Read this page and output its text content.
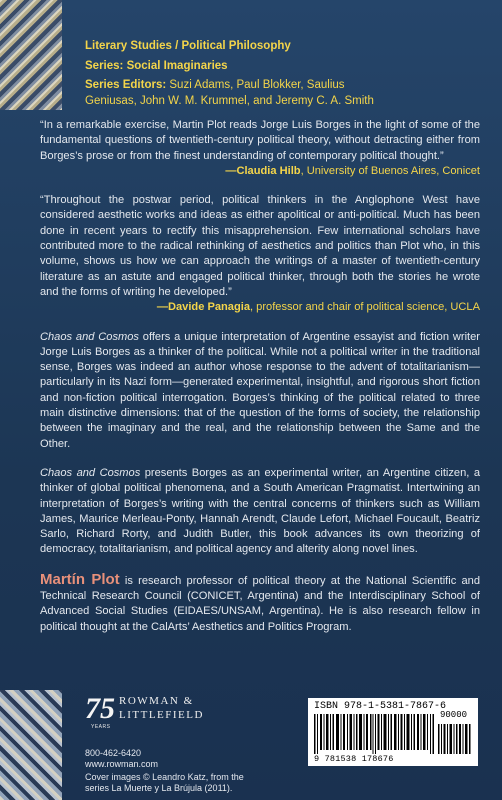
Literary Studies / Political Philosophy

Series: Social Imaginaries

Series Editors: Suzi Adams, Paul Blokker, Saulius

Geniusas, John W. M. Krummel, and Jeremy C. A. Smith

“In a remarkable exercise, Martin Plot reads Jorge Luis Borges in the light of some of the fundamental questions of twentieth-century political theory, without detracting either from Borges’s prose or from the finest understanding of contemporary political thought.”

—Claudia Hilb, University of Buenos Aires, Conicet

“Throughout the postwar period, political thinkers in the Anglophone West have considered aesthetic works and ideas as either apolitical or anti-political. Much has been done in recent years to rectify this misapprehension. Few international scholars have contributed more to the radical rethinking of aesthetics and politics than Plot who, in this volume, shows us how we can approach the writings of a master of twentieth-century literature as an astute and engaged political thinker, through both the stories he wrote and the forms of writing he developed.”

—Davide Panagia, professor and chair of political science, UCLA

Chaos and Cosmos offers a unique interpretation of Argentine essayist and fiction writer Jorge Luis Borges as a thinker of the political. While not a political writer in the traditional sense, Borges was indeed an author whose response to the advent of totalitarianism—particularly in its Nazi form—generated experimental, insightful, and rigorous short fiction and non-fiction political interrogation. Borges’s thinking of the political related to three main distinctive dimensions: that of the question of the forms of society, the relationship between the imaginary and the real, and the relationship between the Same and the Other.

Chaos and Cosmos presents Borges as an experimental writer, an Argentine citizen, a thinker of global political phenomena, and a South American Pragmatist. Intertwining an interpretation of Borges’s writing with the central concerns of thinkers such as William James, Maurice Merleau-Ponty, Hannah Arendt, Claude Lefort, Michael Foucault, Beatriz Sarlo, Richard Rorty, and Judith Butler, this book advances its own theorizing of democracy, totalitarianism, and political agency and alterity along novel lines.

Martín Plot is research professor of political theory at the National Scientific and Technical Research Council (CONICET, Argentina) and the Interdisciplinary School of Advanced Social Studies (EIDAES/UNSAM, Argentina). He is also research fellow in political thought at the CalArts’ Aesthetics and Politics Program.

75
YEARS
ROWMAN &
LITTLEFIELD
800-462-6420
www.rowman.com
Cover images © Leandro Katz, from the
series La Muerte y La Brújula (2011).
ISBN 978-1-5381-7867-6
90000
9 781538 178676
